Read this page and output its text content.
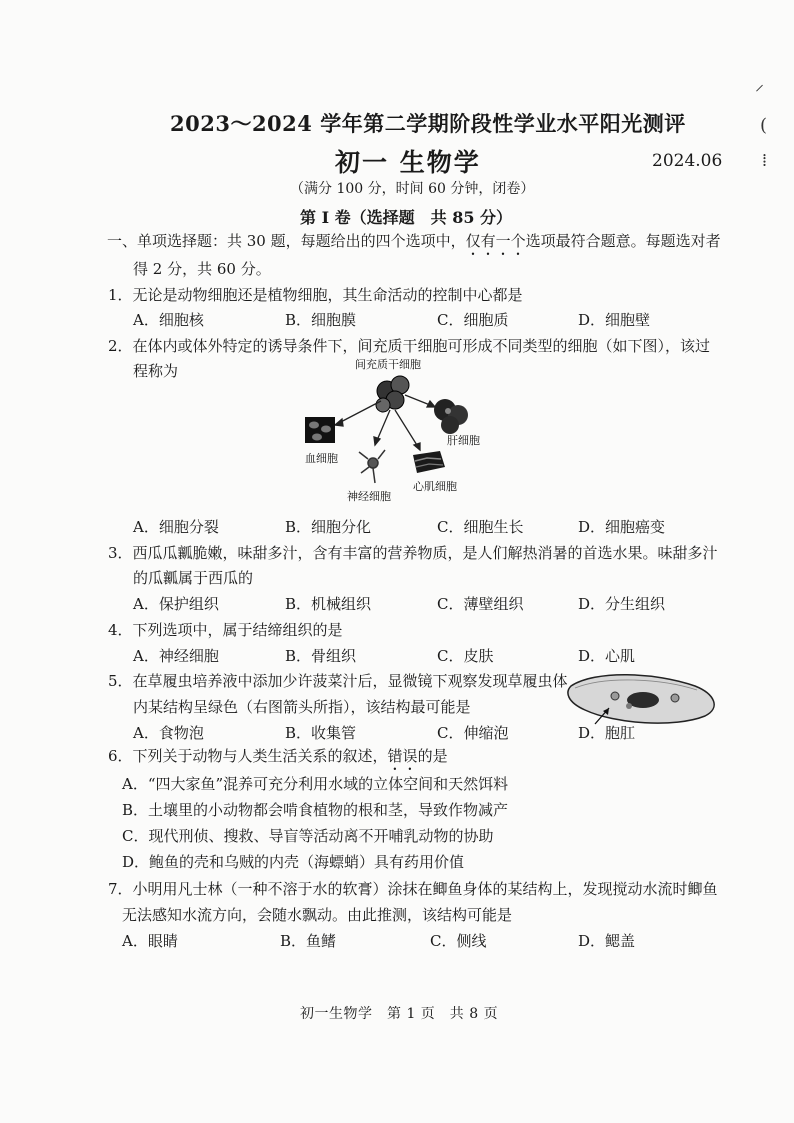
2023～2024 学年第二学期阶段性学业水平阳光测评
初一 生物学	2024.06
（满分 100 分，时间 60 分钟，闭卷）
第 Ⅰ 卷（选择题　共 85 分）
⸝
(
⁞
一、单项选择题：共 30 题，每题给出的四个选项中，仅有一个选项最符合题意。每题选对者
得 2 分，共 60 分。
1．无论是动物细胞还是植物细胞，其生命活动的控制中心都是
A．细胞核	B．细胞膜	C．细胞质	D．细胞壁
2．在体内或体外特定的诱导条件下，间充质干细胞可形成不同类型的细胞（如下图），该过
程称为	间充质干细胞
肝细胞
血细胞
神经细胞
心肌细胞
A．细胞分裂	B．细胞分化	C．细胞生长	D．细胞癌变
3．西瓜瓜瓤脆嫩，味甜多汁，含有丰富的营养物质，是人们解热消暑的首选水果。味甜多汁
的瓜瓤属于西瓜的
A．保护组织	B．机械组织	C．薄壁组织	D．分生组织
4．下列选项中，属于结缔组织的是
A．神经细胞	B．骨组织	C．皮肤	D．心肌
5．在草履虫培养液中添加少许菠菜汁后，显微镜下观察发现草履虫体
内某结构呈绿色（右图箭头所指），该结构最可能是
A．食物泡	B．收集管	C．伸缩泡	D．胞肛
6．下列关于动物与人类生活关系的叙述，错误的是
A．“四大家鱼”混养可充分利用水域的立体空间和天然饵料
B．土壤里的小动物都会啃食植物的根和茎，导致作物减产
C．现代刑侦、搜救、导盲等活动离不开哺乳动物的协助
D．鲍鱼的壳和乌贼的内壳（海螵蛸）具有药用价值
7．小明用凡士林（一种不溶于水的软膏）涂抹在鲫鱼身体的某结构上，发现搅动水流时鲫鱼
无法感知水流方向，会随水飘动。由此推测，该结构可能是
A．眼睛	B．鱼鳍	C．侧线	D．鳃盖
初一生物学　第 1 页　共 8 页
